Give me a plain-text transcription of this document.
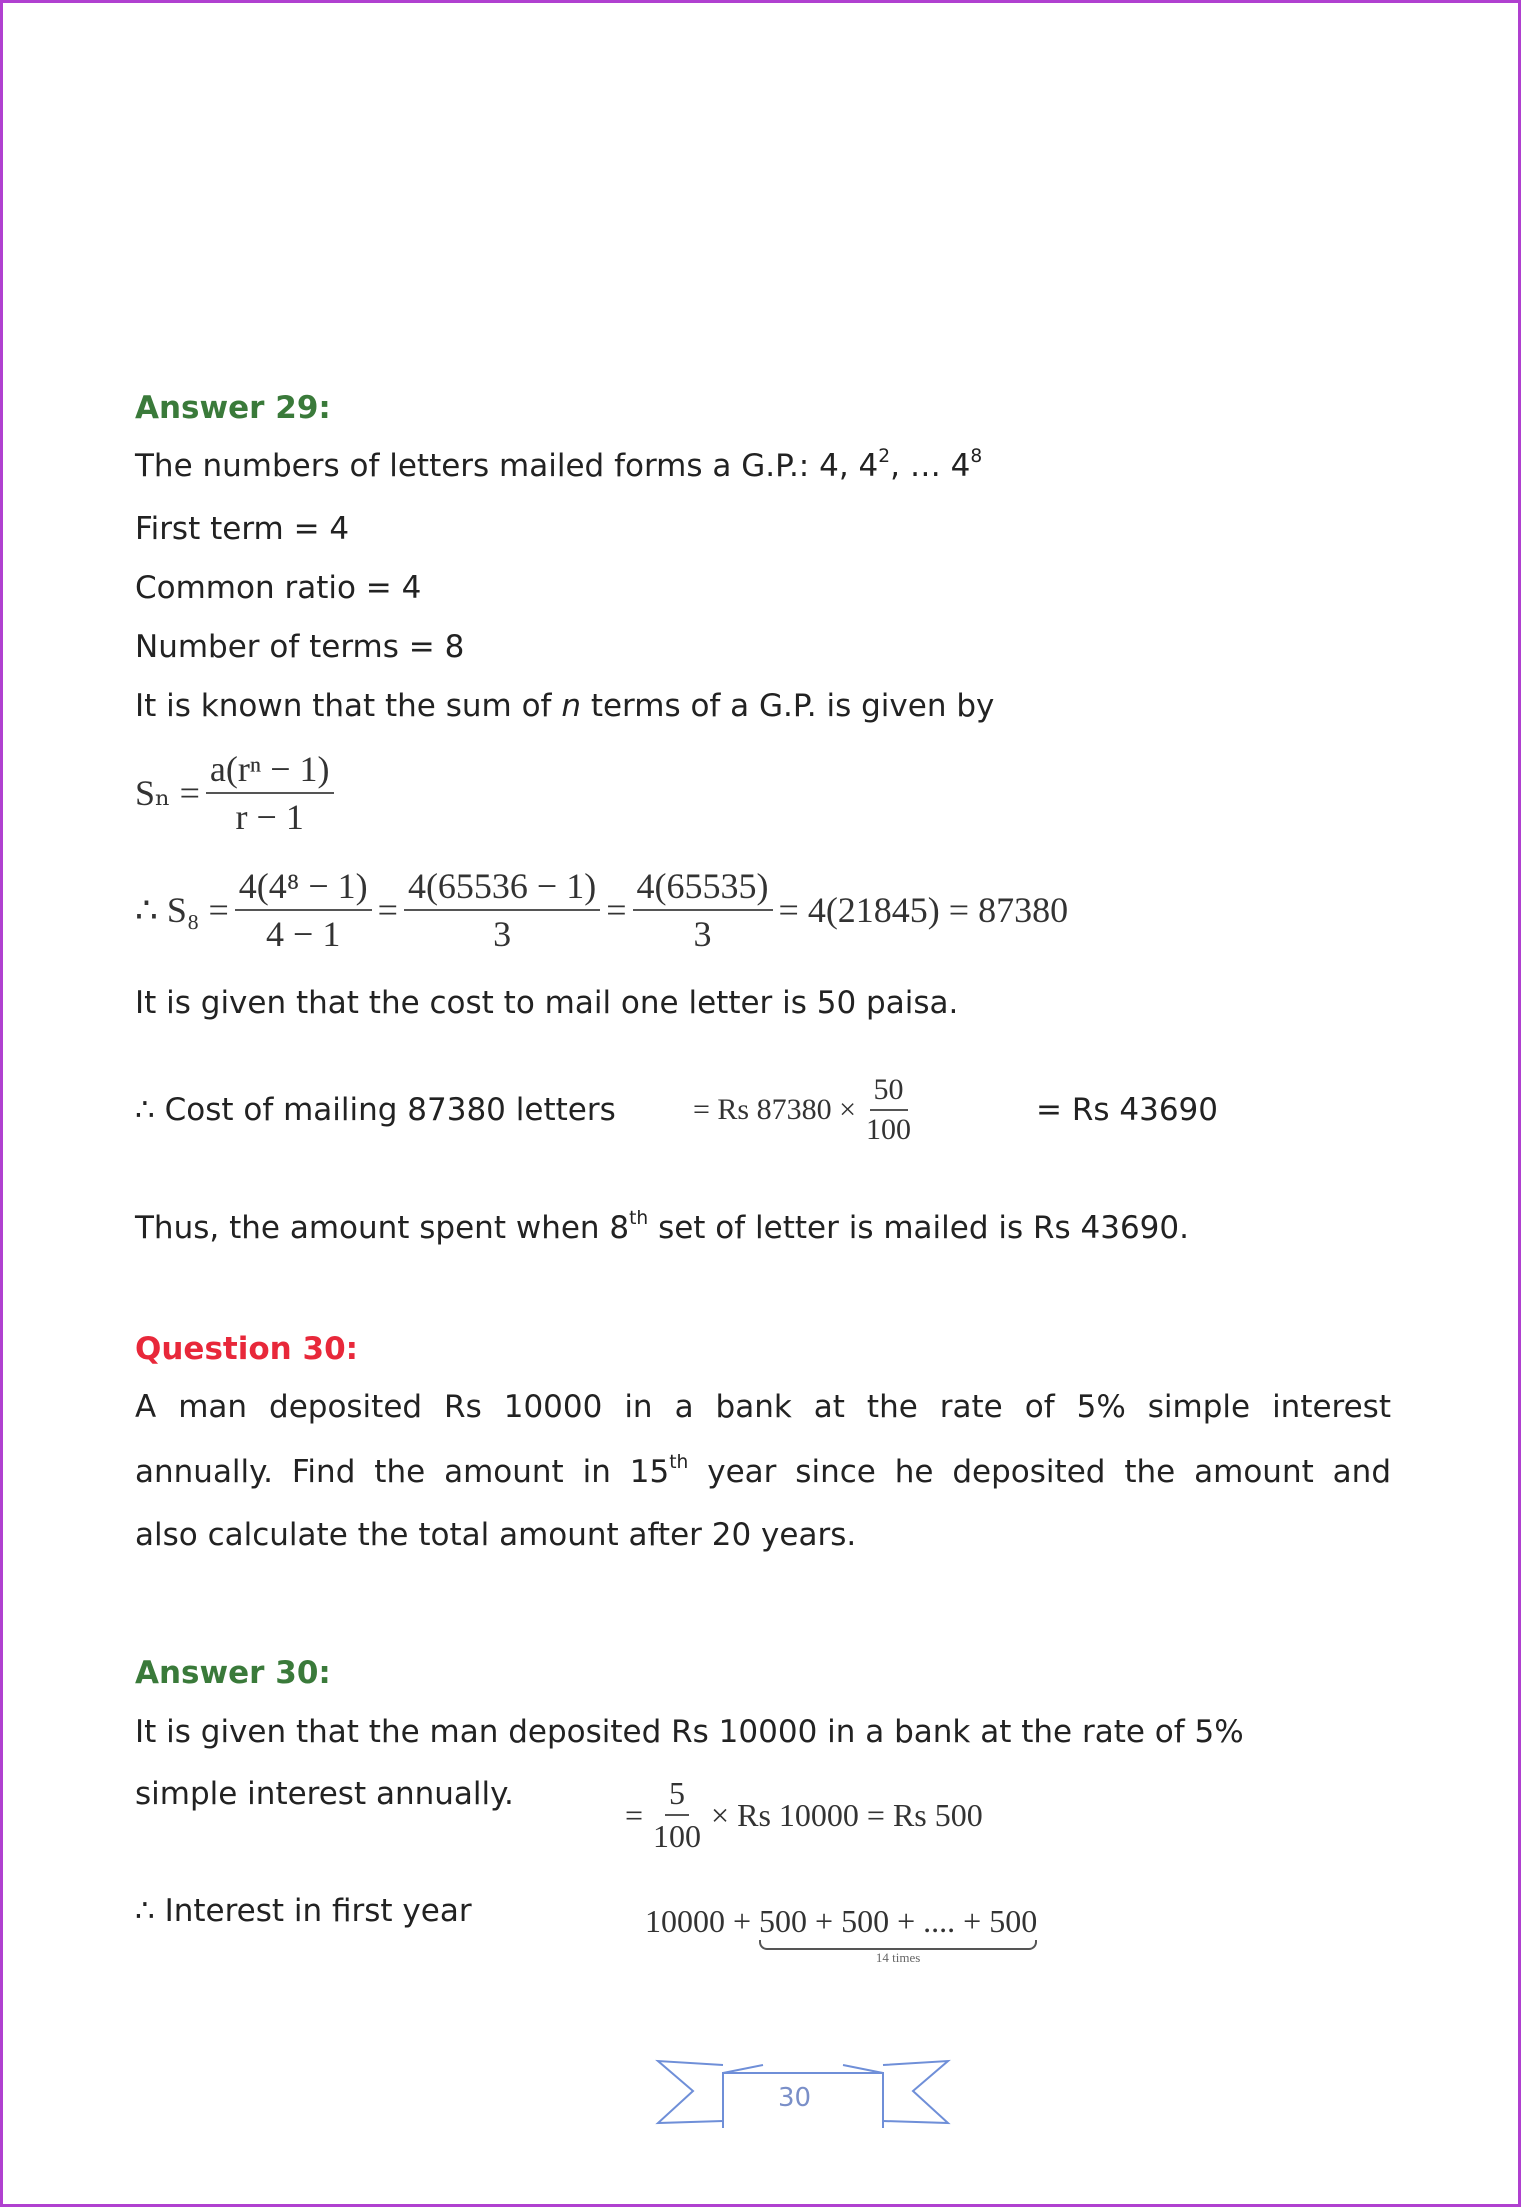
Answer 29:
The numbers of letters mailed forms a G.P.: 4, $4^2$, … $4^8$
First term = 4
Common ratio = 4
Number of terms = 8
It is known that the sum of n terms of a G.P. is given by
$S_n = \frac{\text{a(rⁿ − 1)}}{r - 1}$
∴ $S_8 = \frac{\text{4(4⁸ − 1)}}{4 - 1} = \frac{4(65536 - 1)}{3} = \frac{4(65535)}{3} = 4(21845) = 87380$
It is given that the cost to mail one letter is 50 paisa.
∴ Cost of mailing 87380 letters	= Rs $87380 \times \frac{50}{100}$	= Rs 43690
Thus, the amount spent when 8th set of letter is mailed is Rs 43690.
Question 30:
A man deposited Rs 10000 in a bank at the rate of 5% simple interest
annually. Find the amount in 15th year since he deposited the amount and
also calculate the total amount after 20 years.
Answer 30:
It is given that the man deposited Rs 10000 in a bank at the rate of 5%
simple interest annually.
= $\frac{5}{100} \times Rs$ 10000 = Rs 500
∴ Interest in first year	10000 + 500 + 500 + .... + 500
14 times
30
